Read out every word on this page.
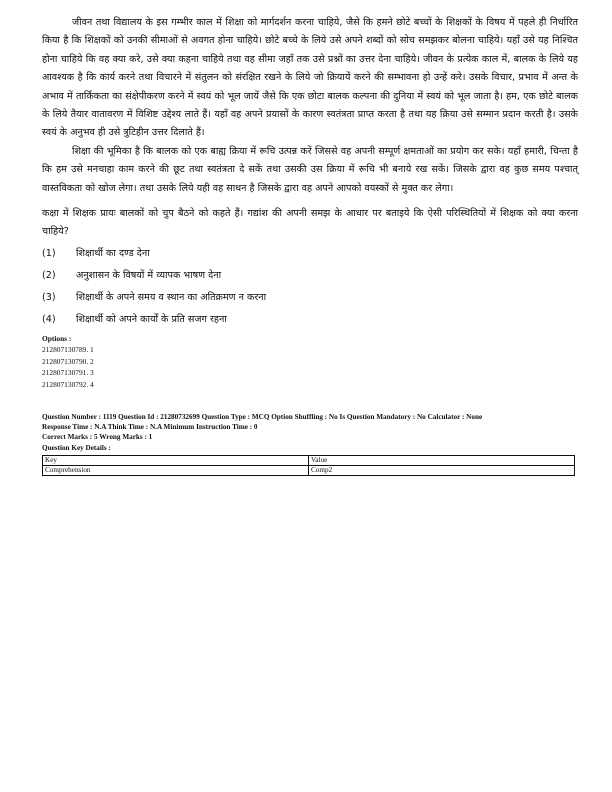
जीवन तथा विद्यालय के इस गम्भीर काल में शिक्षा को मार्गदर्शन करना चाहिये, जैसे कि हमने छोटे बच्चों के शिक्षकों के विषय में पहले ही निर्धारित किया है कि शिक्षकों को उनकी सीमाओं से अवगत होना चाहिये। छोटे बच्चे के लिये उसे अपने शब्दों को सोच समझकर बोलना चाहिये। यहाँ उसे यह निश्चित होना चाहिये कि वह क्या करे, उसे क्या कहना चाहिये तथा वह सीमा जहाँ तक उसे प्रश्नों का उत्तर देना चाहिये। जीवन के प्रत्येक काल में, बालक के लिये यह आवश्यक है कि कार्य करने तथा विचारने में संतुलन को संरक्षित रखने के लिये जो क्रियायें करने की सम्भावना हो उन्हें करे। उसके विचार, प्रभाव में अन्त के अभाव में तार्किकता का संक्षेपीकरण करने में स्वयं को भूल जायें जैसे कि एक छोटा बालक कल्पना की दुनिया में स्वयं को भूल जाता है। हम, एक छोटे बालक के लिये तैयार वातावरण में विशिष्ट उद्देश्य लाते हैं। यहाँ वह अपने प्रयासों के कारण स्वतंत्रता प्राप्त करता है तथा यह क्रिया उसे सम्मान प्रदान करती है। उसके स्वयं के अनुभव ही उसे त्रुटिहीन उत्तर दिलाते हैं।

शिक्षा की भूमिका है कि बालक को एक बाह्य क्रिया में रूचि उत्पन्न करें जिससे वह अपनी सम्पूर्ण क्षमताओं का प्रयोग कर सके। यहाँ हमारी, चिन्ता है कि हम उसे मनचाहा काम करने की छूट तथा स्वतंत्रता दे सकें तथा उसकी उस क्रिया में रूचि भी बनाये रख सकें। जिसके द्वारा वह कुछ समय पश्चात् वास्तविकता को खोज लेगा। तथा उसके लिये यही वह साधन है जिसके द्वारा वह अपने आपको वयस्कों से मुक्त कर लेगा।

कक्षा में शिक्षक प्रायः बालकों को चुप बैठने को कहते हैं। गद्यांश की अपनी समझ के आधार पर बताइये कि ऐसी परिस्थितियों में शिक्षक को क्या करना चाहिये?
(1)	शिक्षार्थी का दण्ड देना
(2)	अनुशासन के विषयों में व्यापक भाषण देना
(3)	शिक्षार्थी के अपने समय व स्थान का अतिक्रमण न करना
(4)	शिक्षार्थी को अपने कार्यों के प्रति सजग रहना
Options :
212807130789. 1
212807130790. 2
212807130791. 3
212807130792. 4
Question Number : 1119 Question Id : 21280732699 Question Type : MCQ Option Shuffling : No Is Question Mandatory : No Calculator : None
Response Time : N.A Think Time : N.A Minimum Instruction Time : 0
Correct Marks : 5 Wrong Marks : 1
Question Key Details :
Key	Value
Comprehension	Comp2
